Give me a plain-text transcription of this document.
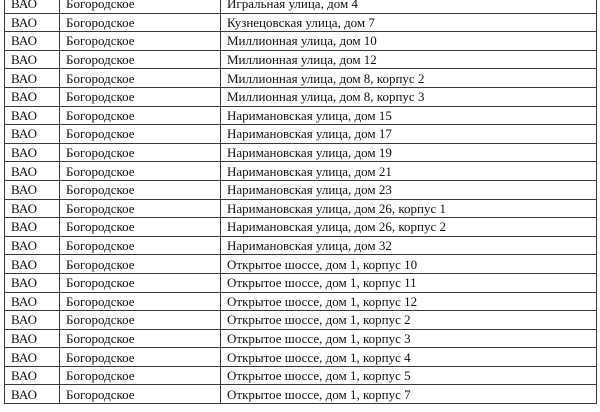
ВАО	Богородское	Игральная улица, дом 4
ВАО	Богородское	Кузнецовская улица, дом 7
ВАО	Богородское	Миллионная улица, дом 10
ВАО	Богородское	Миллионная улица, дом 12
ВАО	Богородское	Миллионная улица, дом 8, корпус 2
ВАО	Богородское	Миллионная улица, дом 8, корпус 3
ВАО	Богородское	Наримановская улица, дом 15
ВАО	Богородское	Наримановская улица, дом 17
ВАО	Богородское	Наримановская улица, дом 19
ВАО	Богородское	Наримановская улица, дом 21
ВАО	Богородское	Наримановская улица, дом 23
ВАО	Богородское	Наримановская улица, дом 26, корпус 1
ВАО	Богородское	Наримановская улица, дом 26, корпус 2
ВАО	Богородское	Наримановская улица, дом 32
ВАО	Богородское	Открытое шоссе, дом 1, корпус 10
ВАО	Богородское	Открытое шоссе, дом 1, корпус 11
ВАО	Богородское	Открытое шоссе, дом 1, корпус 12
ВАО	Богородское	Открытое шоссе, дом 1, корпус 2
ВАО	Богородское	Открытое шоссе, дом 1, корпус 3
ВАО	Богородское	Открытое шоссе, дом 1, корпус 4
ВАО	Богородское	Открытое шоссе, дом 1, корпус 5
ВАО	Богородское	Открытое шоссе, дом 1, корпус 7
